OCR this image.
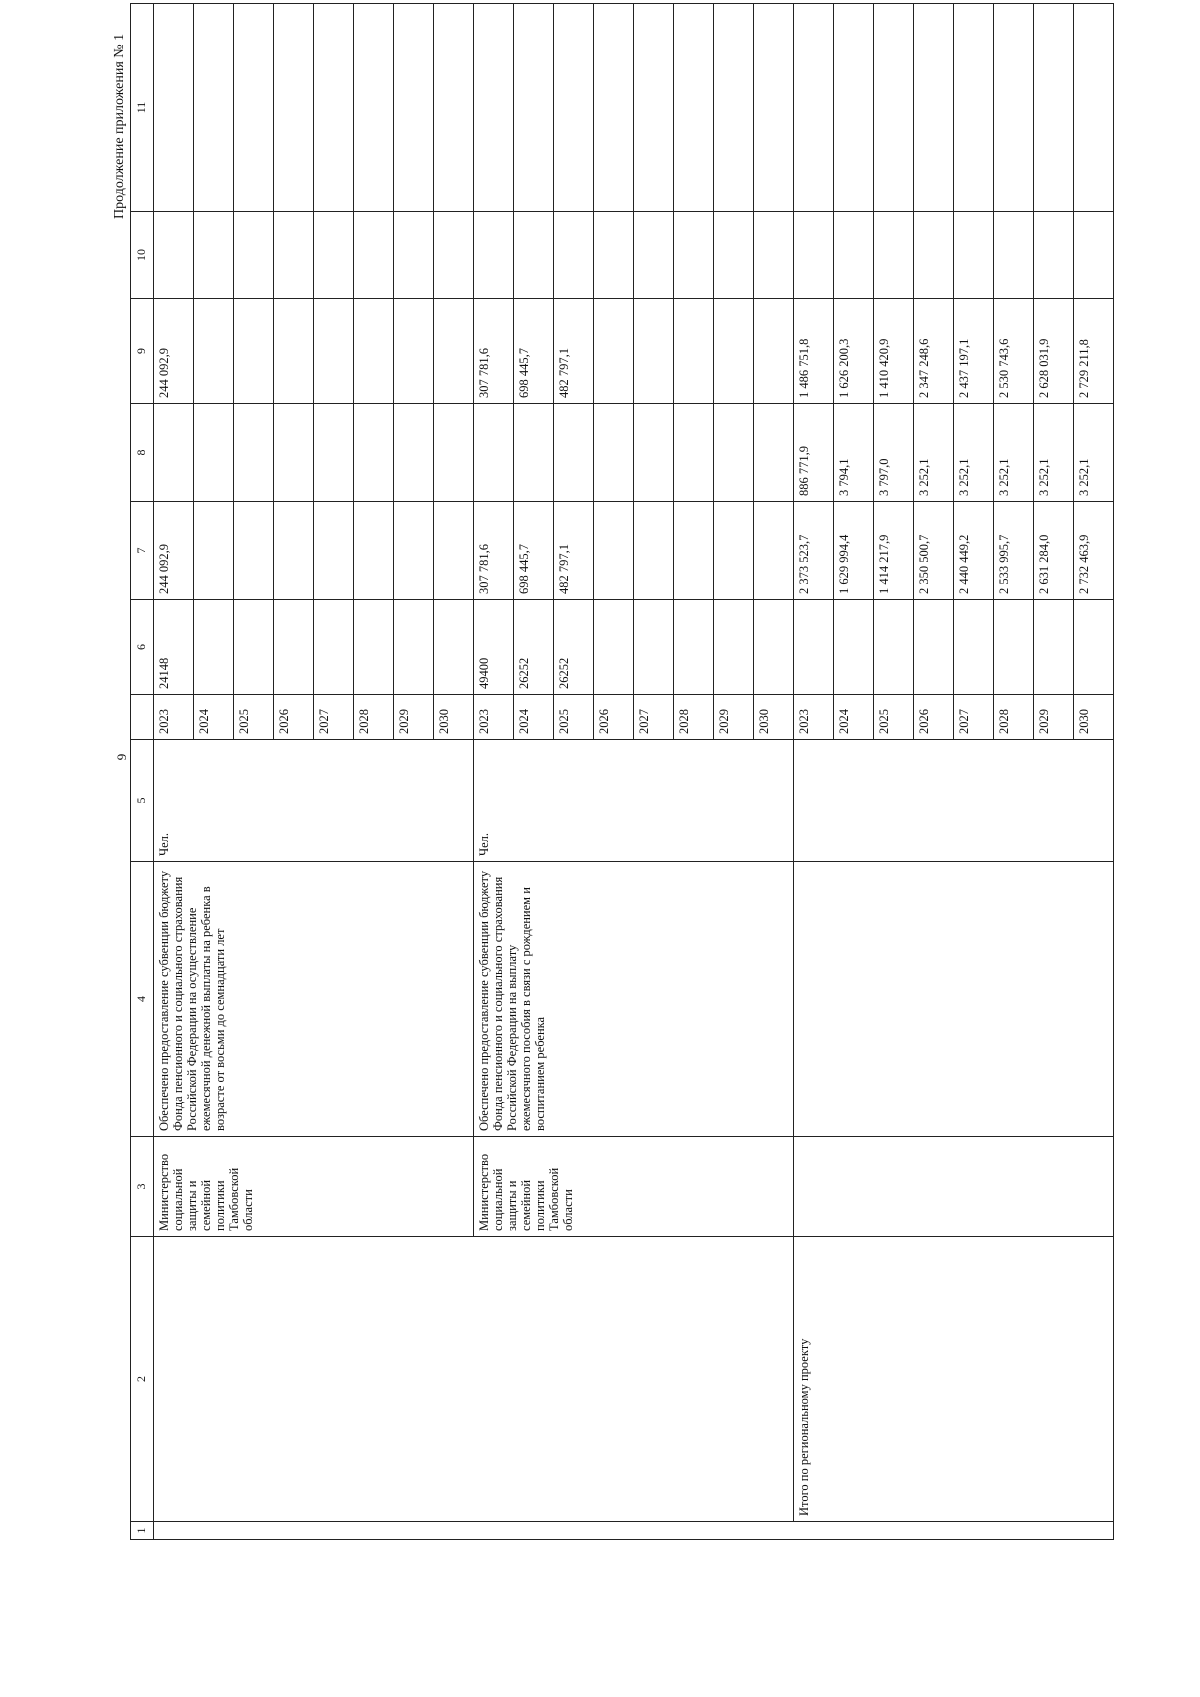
9
Продолжение приложения № 1
1	2	3	4	5		6	7	8	9	10	11
		Министерство социальной защиты и семейной политики Тамбовской области	Обеспечено предоставление субвенции бюджету Фонда пенсионного и социального страхования Российской Федерации на осуществление ежемесячной денежной выплаты на ребенка в возрасте от восьми до семнадцати лет	Чел.	2023	24148	244 092,9		244 092,9		
					2024						
					2025						
					2026						
					2027						
					2028						
					2029						
					2030						
		Министерство социальной защиты и семейной политики Тамбовской области	Обеспечено предоставление субвенции бюджету Фонда пенсионного и социального страхования Российской Федерации на выплату ежемесячного пособия в связи с рождением и воспитанием ребенка	Чел.	2023	49400	307 781,6		307 781,6		
					2024	26252	698 445,7		698 445,7		
					2025	26252	482 797,1		482 797,1		
					2026						
					2027						
					2028						
					2029						
					2030						
	Итого по региональному проекту				2023		2 373 523,7	886 771,9	1 486 751,8		
					2024		1 629 994,4	3 794,1	1 626 200,3		
					2025		1 414 217,9	3 797,0	1 410 420,9		
					2026		2 350 500,7	3 252,1	2 347 248,6		
					2027		2 440 449,2	3 252,1	2 437 197,1		
					2028		2 533 995,7	3 252,1	2 530 743,6		
					2029		2 631 284,0	3 252,1	2 628 031,9		
					2030		2 732 463,9	3 252,1	2 729 211,8		
